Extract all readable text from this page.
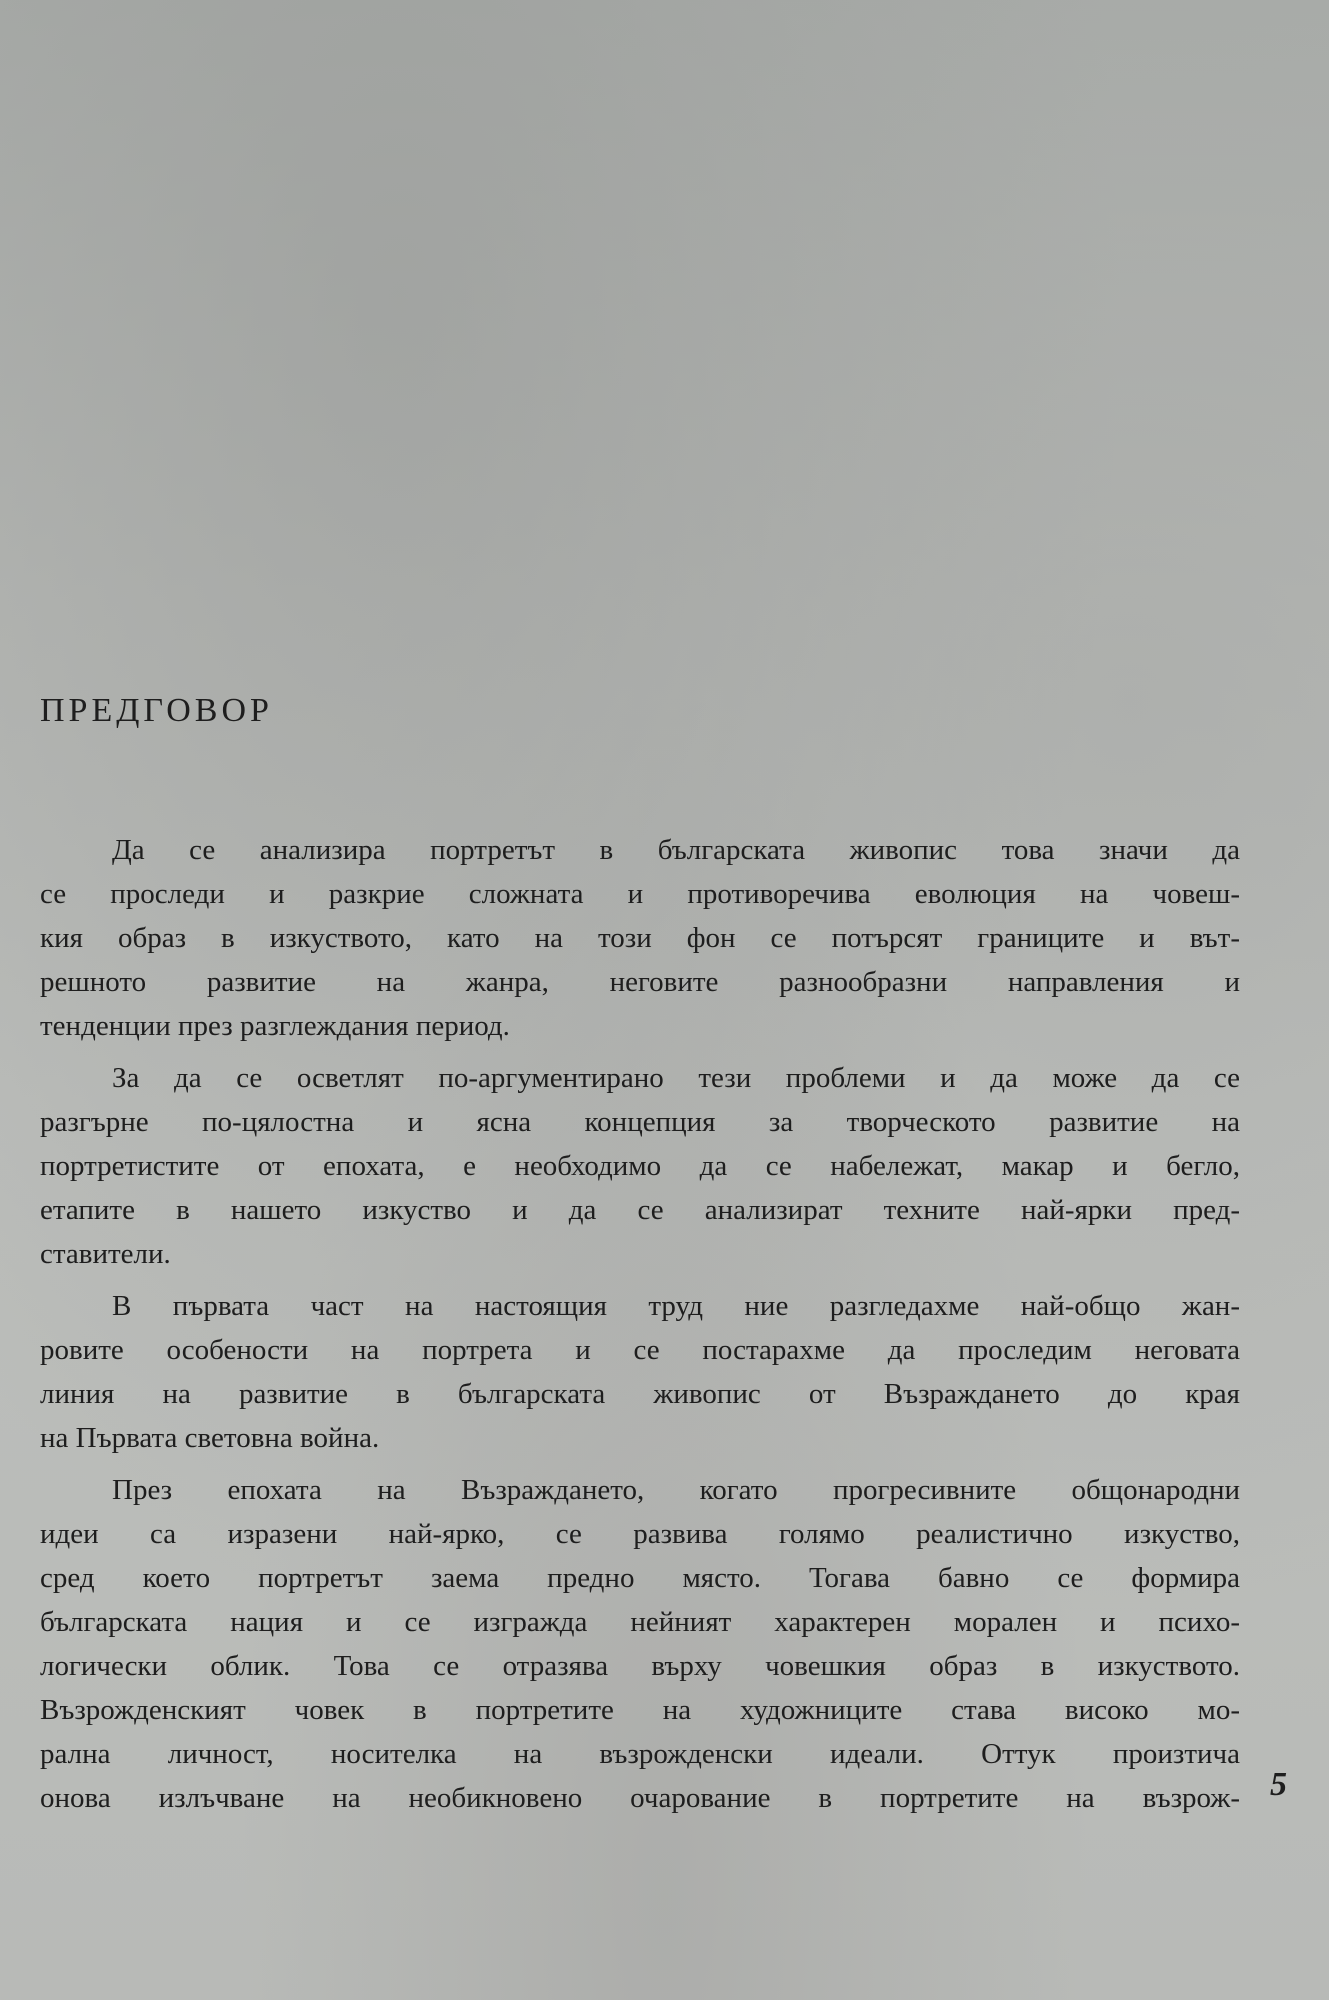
ПРЕДГОВОР

Да се анализира портретът в българската живопис това значи да
се прoследи и разкрие сложната и противоречива еволюция на човеш-
кия образ в изкуството, като на този фон се потърсят границите и вът-
решното развитие на жанра, неговите разнообразни направления и
тенденции през разглеждания период.

За да се осветлят по-аргументирано тези проблеми и да може да се
разгърне по-цялостна и ясна концепция за творческото развитие на
портретистите от епохата, е необходимо да се набележат, макар и бегло,
етапите в нашето изкуство и да се анализират техните най-ярки пред-
ставители.

В първата част на настоящия труд ние разгледахме най-общо жан-
ровите особености на портрета и се постарахме да проследим неговата
линия на развитие в българската живопис от Възраждането до края
на Първата световна война.

През епохата на Възраждането, когато прогресивните общонародни
идеи са изразени най-ярко, се развива голямо реалистично изкуство,
сред коетo портретът заема предно място. Тогава бавно се формира
българската нация и се изгражда нейният характерен морален и психо-
логически облик. Това се отразява върху човешкия образ в изкуството.
Възрожденският човек в портретите на художниците става високо мо-
рална личност, носителка на възрожденски идеали. Оттук произтича
онова излъчване на необикновено очарование в портретите на възрож- 5
